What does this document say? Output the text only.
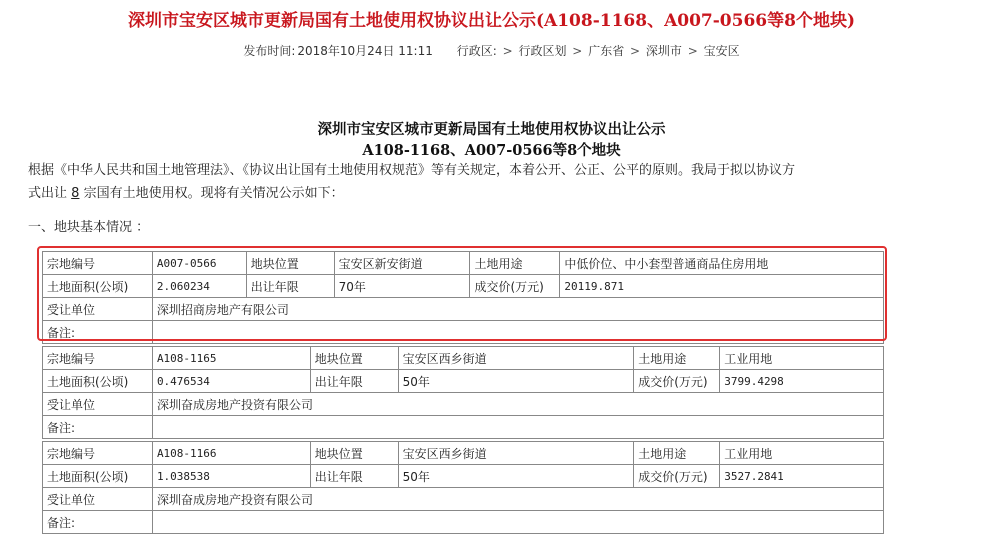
深圳市宝安区城市更新局国有土地使用权协议出让公示(A108-1168、A007-0566等8个地块)
发布时间: 2018年10月24日 11:11 行政区: > 行政区划 > 广东省 > 深圳市 > 宝安区
深圳市宝安区城市更新局国有土地使用权协议出让公示
A108-1168、A007-0566等8个地块
根据《中华人民共和国土地管理法》、《协议出让国有土地使用权规范》等有关规定，本着公开、公正、公平的原则。我局于拟以协议方
式出让 8 宗国有土地使用权。现将有关情况公示如下：
一、地块基本情况 ：
宗地编号	A007-0566	地块位置	宝安区新安街道	土地用途	中低价位、中小套型普通商品住房用地
土地面积(公顷)	2.060234	出让年限	70年	成交价(万元)	20119.871
受让单位	深圳招商房地产有限公司				
备注:					
宗地编号	A108-1165	地块位置	宝安区西乡街道	土地用途	工业用地
土地面积(公顷)	0.476534	出让年限	50年	成交价(万元)	3799.4298
受让单位	深圳奋成房地产投资有限公司				
备注:					
宗地编号	A108-1166	地块位置	宝安区西乡街道	土地用途	工业用地
土地面积(公顷)	1.038538	出让年限	50年	成交价(万元)	3527.2841
受让单位	深圳奋成房地产投资有限公司				
备注:					
